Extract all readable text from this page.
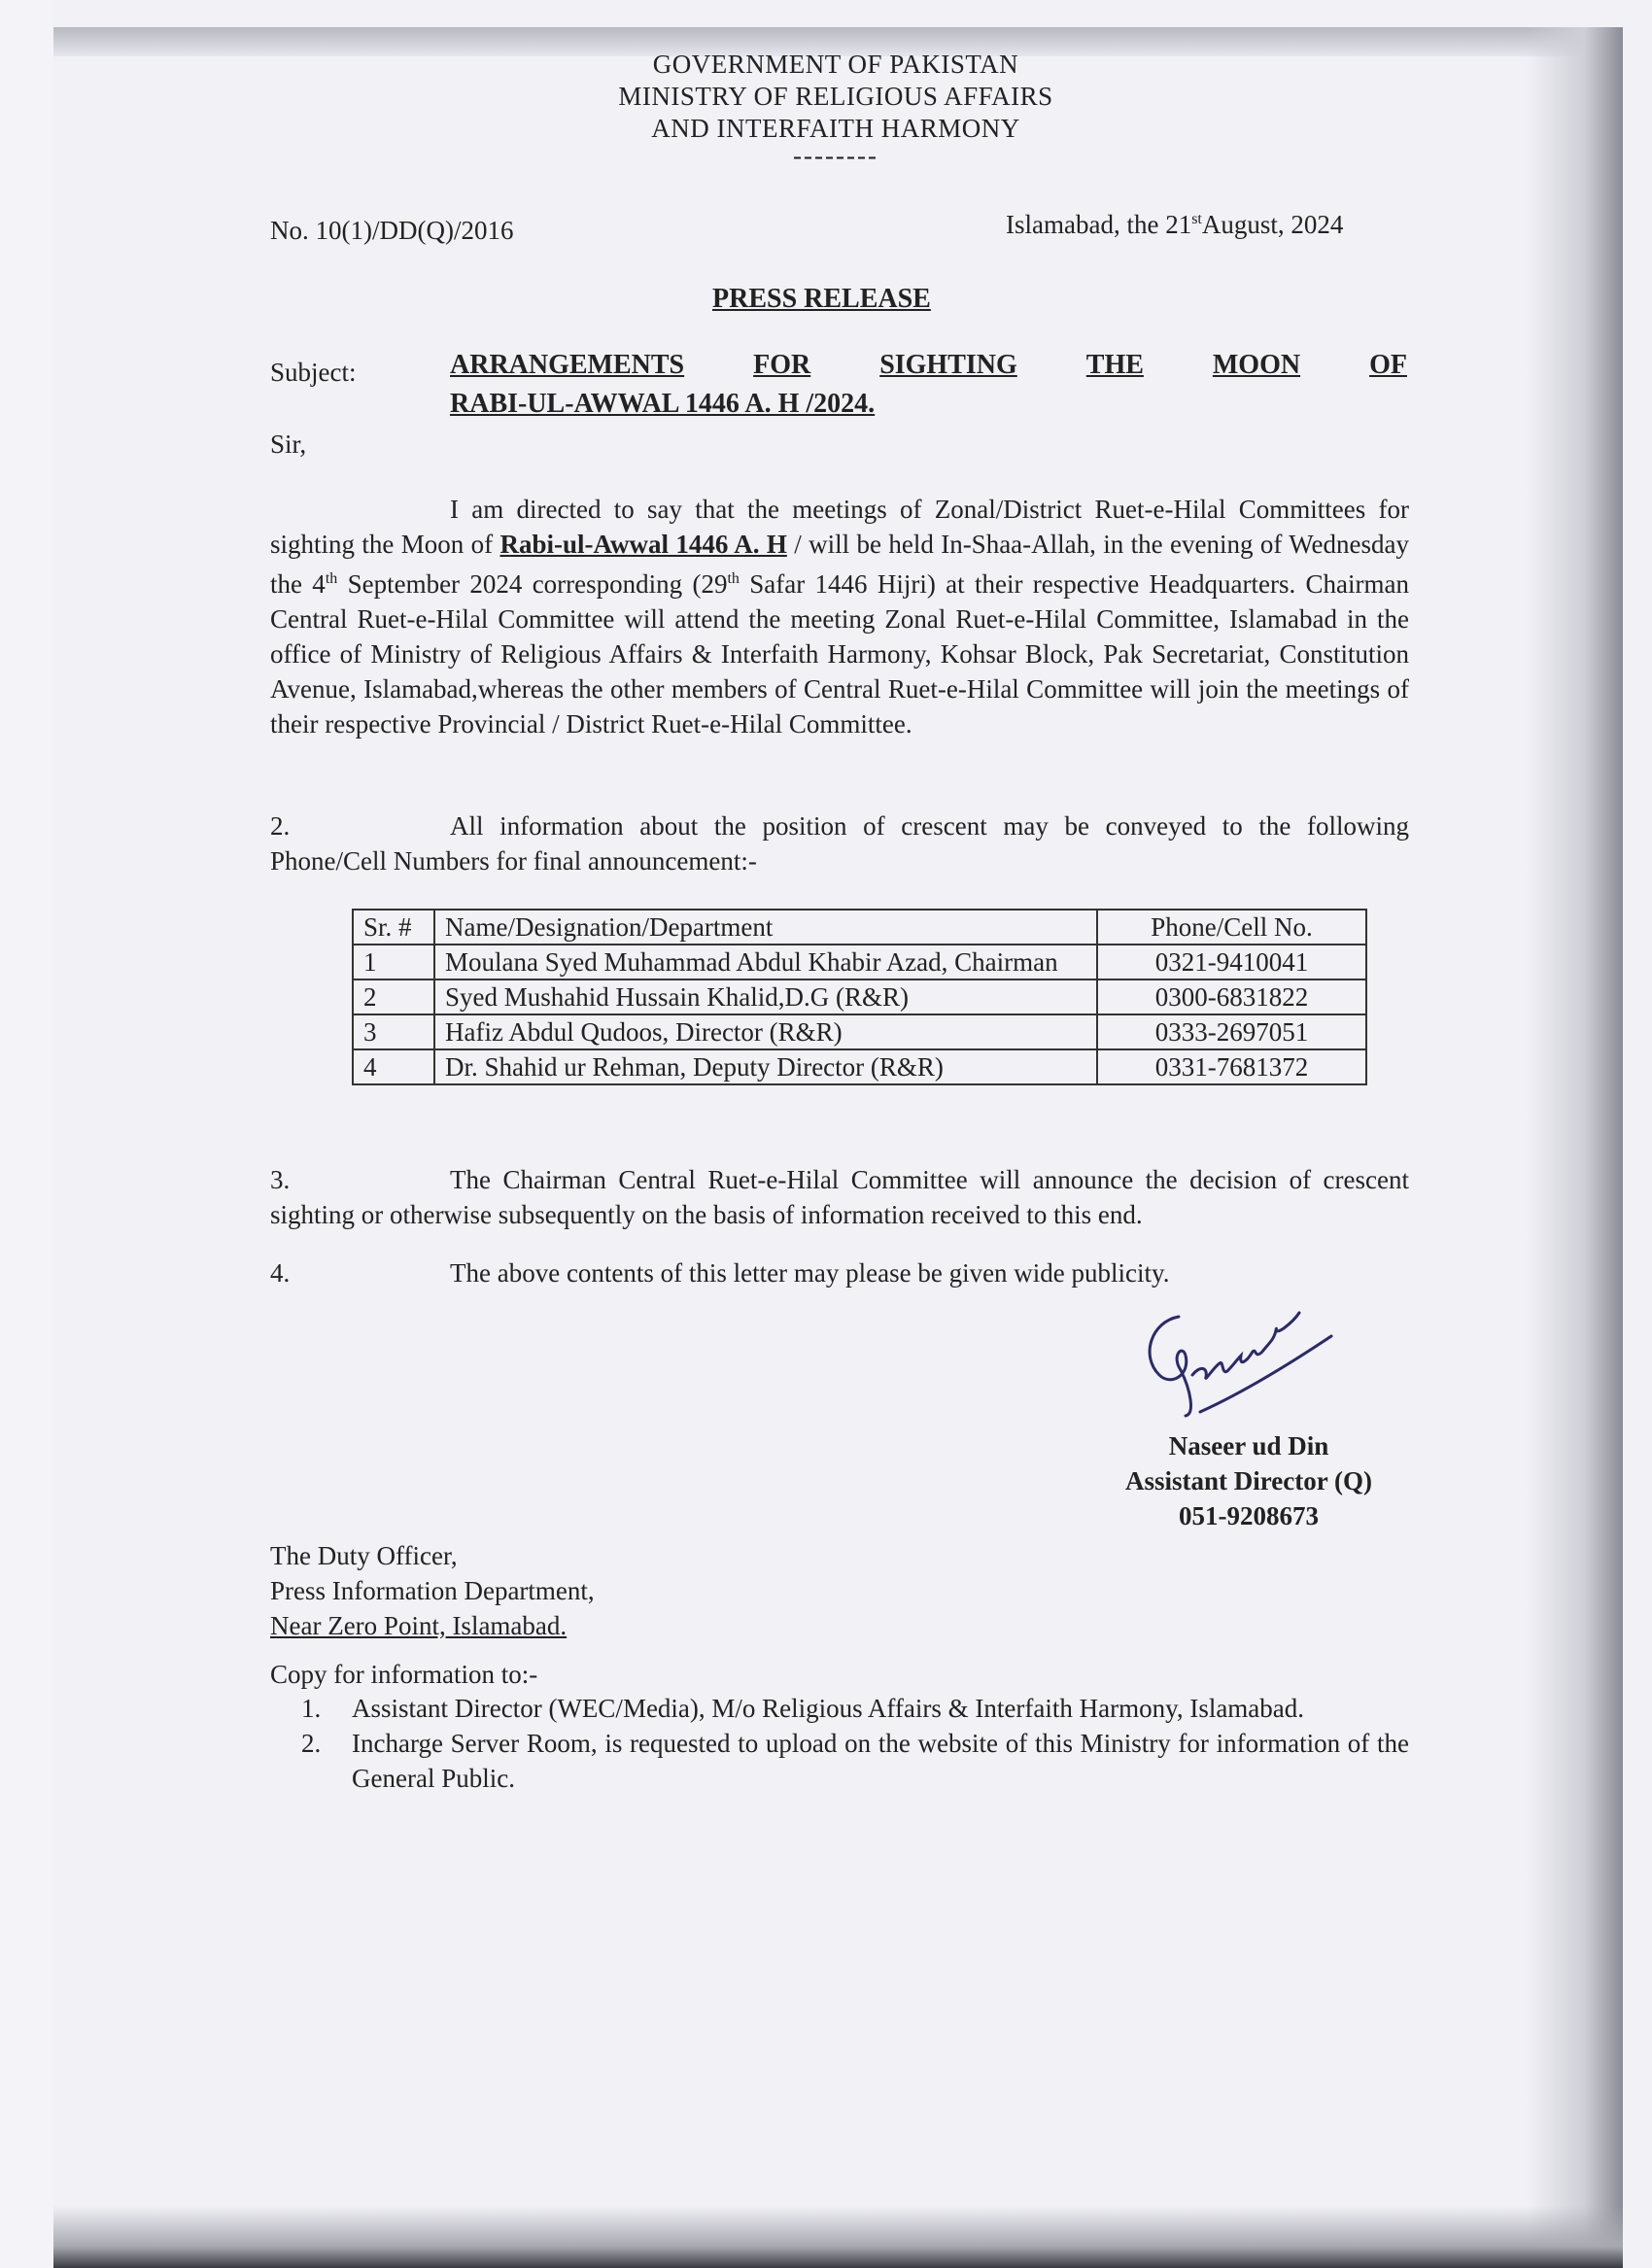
GOVERNMENT OF PAKISTAN
MINISTRY OF RELIGIOUS AFFAIRS
AND INTERFAITH HARMONY
--------
No. 10(1)/DD(Q)/2016	Islamabad, the 21stAugust, 2024
PRESS RELEASE
Subject:	ARRANGEMENTS	FOR	SIGHTING	THE	MOON	OF
RABI-UL-AWWAL 1446 A. H /2024.
Sir,
I am directed to say that the meetings of Zonal/District Ruet-e-Hilal Committees for sighting the Moon of Rabi-ul-Awwal 1446 A. H / will be held In-Shaa-Allah, in the evening of Wednesday the 4th September 2024 corresponding (29th Safar 1446 Hijri) at their respective Headquarters. Chairman Central Ruet-e-Hilal Committee will attend the meeting Zonal Ruet-e-Hilal Committee, Islamabad in the office of Ministry of Religious Affairs & Interfaith Harmony, Kohsar Block, Pak Secretariat, Constitution Avenue, Islamabad,whereas the other members of Central Ruet-e-Hilal Committee will join the meetings of their respective Provincial / District Ruet-e-Hilal Committee.
2.	All information about the position of crescent may be conveyed to the following Phone/Cell Numbers for final announcement:-
Sr. #	Name/Designation/Department	Phone/Cell No.
1	Moulana Syed Muhammad Abdul Khabir Azad, Chairman	0321-9410041
2	Syed Mushahid Hussain Khalid,D.G (R&R)	0300-6831822
3	Hafiz Abdul Qudoos, Director (R&R)	0333-2697051
4	Dr. Shahid ur Rehman, Deputy Director (R&R)	0331-7681372
3.	The Chairman Central Ruet-e-Hilal Committee will announce the decision of crescent sighting or otherwise subsequently on the basis of information received to this end.
4.	The above contents of this letter may please be given wide publicity.
Naseer ud Din
Assistant Director (Q)
051-9208673
The Duty Officer,
Press Information Department,
Near Zero Point, Islamabad.
Copy for information to:-
1.	Assistant Director (WEC/Media), M/o Religious Affairs & Interfaith Harmony, Islamabad.
2.	Incharge Server Room, is requested to upload on the website of this Ministry for information of the General Public.
